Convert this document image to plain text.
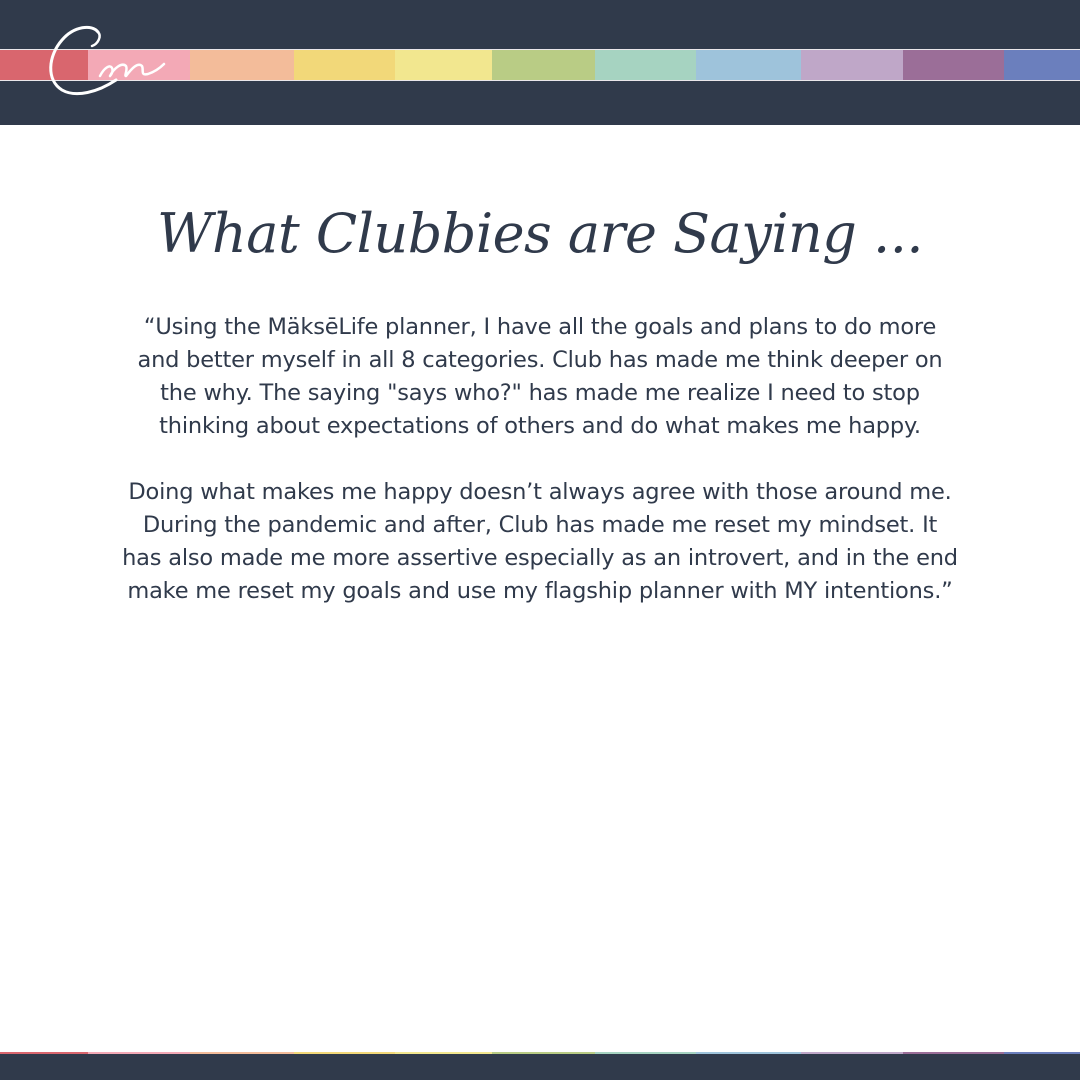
What Clubbies are Saying ...

“Using the MäksēLife planner, I have all the goals and plans to do more and better myself in all 8 categories. Club has made me think deeper on the why. The saying "says who?" has made me realize I need to stop thinking about expectations of others and do what makes me happy.

Doing what makes me happy doesn’t always agree with those around me. During the pandemic and after, Club has made me reset my mindset. It has also made me more assertive especially as an introvert, and in the end make me reset my goals and use my flagship planner with MY intentions.”
